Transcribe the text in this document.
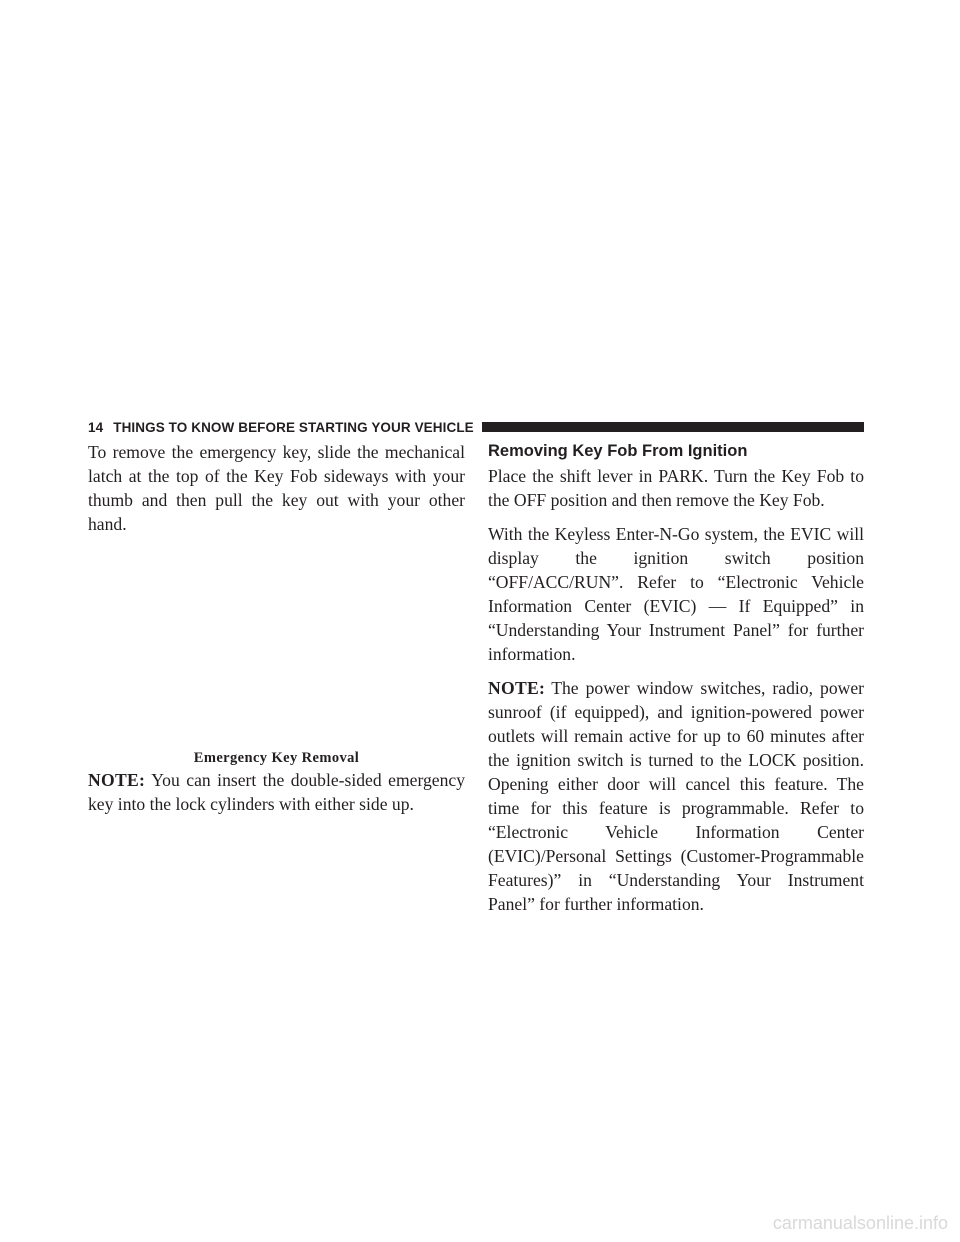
14 THINGS TO KNOW BEFORE STARTING YOUR VEHICLE

To remove the emergency key, slide the mechanical latch at the top of the Key Fob sideways with your thumb and then pull the key out with your other hand.

Emergency Key Removal

NOTE: You can insert the double-sided emergency key into the lock cylinders with either side up.

Removing Key Fob From Ignition

Place the shift lever in PARK. Turn the Key Fob to the OFF position and then remove the Key Fob.

With the Keyless Enter-N-Go system, the EVIC will display the ignition switch position “OFF/ACC/RUN”. Refer to “Electronic Vehicle Information Center (EVIC) — If Equipped” in “Understanding Your Instrument Panel” for further information.

NOTE: The power window switches, radio, power sunroof (if equipped), and ignition-powered power outlets will remain active for up to 60 minutes after the ignition switch is turned to the LOCK position. Opening either door will cancel this feature. The time for this feature is programmable. Refer to “Electronic Vehicle Information Center (EVIC)/Personal Settings (Customer-Programmable Features)” in “Understanding Your Instrument Panel” for further information.

carmanualsonline.info
